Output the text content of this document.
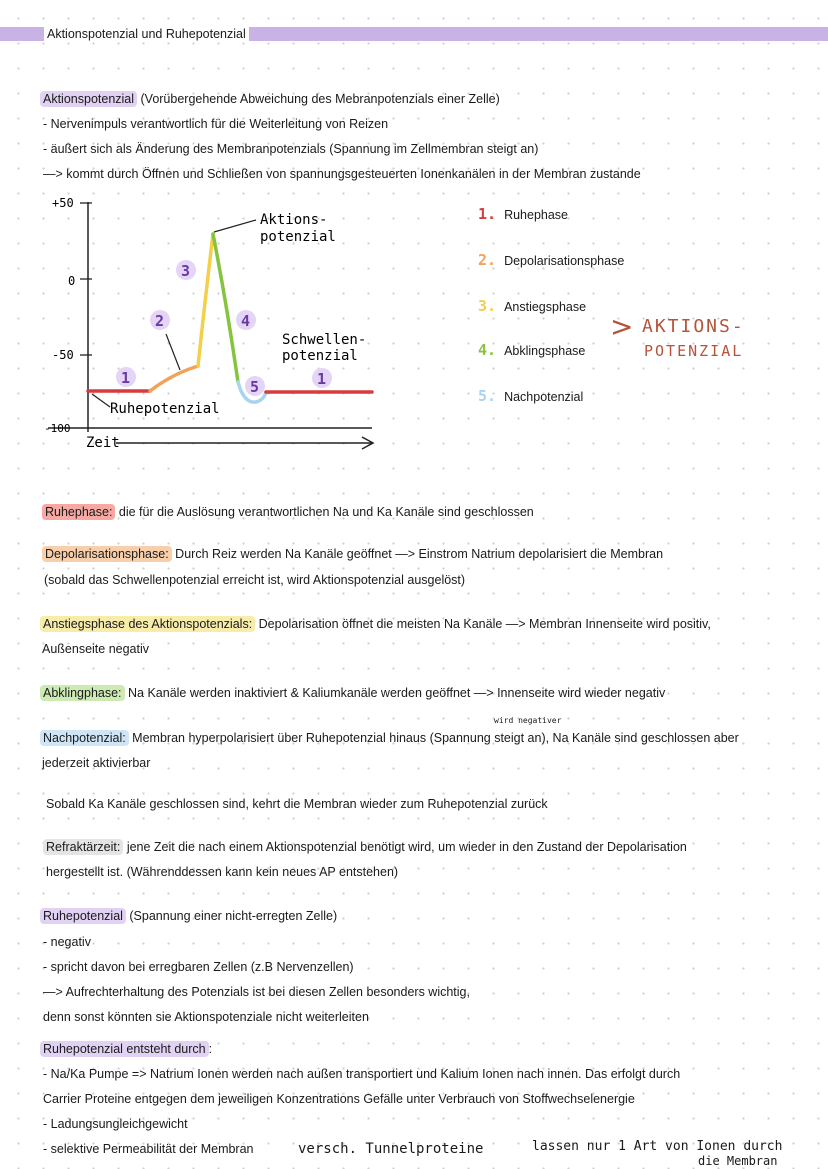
Aktionspotenzial und Ruhepotenzial
Aktionspotenzial (Vorübergehende Abweichung des Mebranpotenzials einer Zelle)
- Nervenimpuls verantwortlich für die Weiterleitung von Reizen
- äußert sich als Änderung des Membranpotenzials (Spannung im Zellmembran steigt an)
—> kommt durch Öffnen und Schließen von spannungsgesteuerten Ionenkanälen in der Membran zustande
+50
0
-50
-100
Aktions-
potenzial
Schwellen-
potenzial
Ruhepotenzial
Zeit
1
2
3
4
5	1
1. Ruhephase
2. Depolarisationsphase
3. Anstiegsphase
4. Abklingsphase
5. Nachpotenzial
> AKTIONS-
POTENZIAL
Ruhephase: die für die Auslösung verantwortlichen Na und Ka Kanäle sind geschlossen
Depolarisationsphase: Durch Reiz werden Na Kanäle geöffnet —> Einstrom Natrium depolarisiert die Membran
(sobald das Schwellenpotenzial erreicht ist, wird Aktionspotenzial ausgelöst)
Anstiegsphase des Aktionspotenzials: Depolarisation öffnet die meisten Na Kanäle —> Membran Innenseite wird positiv,
Außenseite negativ
Abklingphase: Na Kanäle werden inaktiviert & Kaliumkanäle werden geöffnet —> Innenseite wird wieder negativ
wird negativer
Nachpotenzial: Membran hyperpolarisiert über Ruhepotenzial hinaus (Spannung steigt an), Na Kanäle sind geschlossen aber
jederzeit aktivierbar
Sobald Ka Kanäle geschlossen sind, kehrt die Membran wieder zum Ruhepotenzial zurück
Refraktärzeit: jene Zeit die nach einem Aktionspotenzial benötigt wird, um wieder in den Zustand der Depolarisation
hergestellt ist. (Währenddessen kann kein neues AP entstehen)
Ruhepotenzial (Spannung einer nicht-erregten Zelle)
- negativ
- spricht davon bei erregbaren Zellen (z.B Nervenzellen)
—> Aufrechterhaltung des Potenzials ist bei diesen Zellen besonders wichtig,
denn sonst könnten sie Aktionspotenziale nicht weiterleiten
Ruhepotenzial entsteht durch :
- Na/Ka Pumpe => Natrium Ionen werden nach außen transportiert und Kalium Ionen nach innen. Das erfolgt durch
Carrier Proteine entgegen dem jeweiligen Konzentrations Gefälle unter Verbrauch von Stoffwechselenergie
- Ladungsungleichgewicht
- selektive Permeabilität der Membran	versch. Tunnelproteine	lassen nur 1 Art von Ionen durch
die Membran
